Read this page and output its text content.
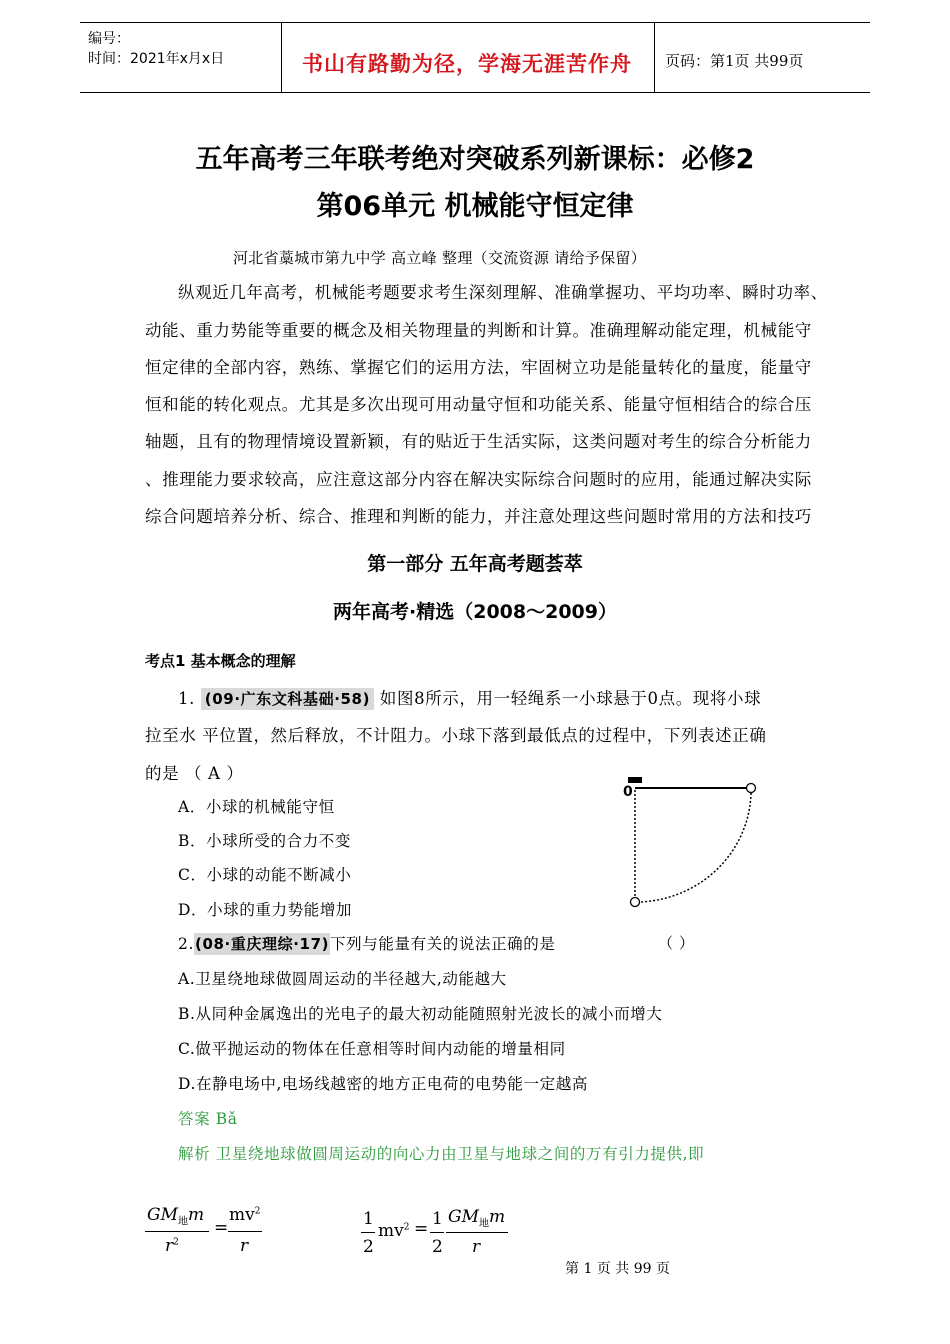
编号：
时间：2021年x月x日	书山有路勤为径，学海无涯苦作舟 页码：第1页 共99页
五年高考三年联考绝对突破系列新课标：必修2
第06单元 机械能守恒定律
河北省藁城市第九中学 高立峰 整理（交流资源 请给予保留）
纵观近几年高考，机械能考题要求考生深刻理解、准确掌握功、平均功率、瞬时功率、
动能、重力势能等重要的概念及相关物理量的判断和计算。准确理解动能定理，机械能守
恒定律的全部内容，熟练、掌握它们的运用方法，牢固树立功是能量转化的量度，能量守
恒和能的转化观点。尤其是多次出现可用动量守恒和功能关系、能量守恒相结合的综合压
轴题，且有的物理情境设置新颖，有的贴近于生活实际，这类问题对考生的综合分析能力
、推理能力要求较高，应注意这部分内容在解决实际综合问题时的应用，能通过解决实际
综合问题培养分析、综合、推理和判断的能力，并注意处理这些问题时常用的方法和技巧
第一部分 五年高考题荟萃
两年高考·精选（2008～2009）
考点1 基本概念的理解
1. (09·广东文科基础·58) 如图8所示，用一轻绳系一小球悬于0点。现将小球
拉至水 平位置，然后释放，不计阻力。小球下落到最低点的过程中，下列表述正确
的是 （ A ）
A．小球的机械能守恒
B．小球所受的合力不变
C．小球的动能不断减小
D．小球的重力势能增加
0
2.(08·重庆理综·17)下列与能量有关的说法正确的是	（ ）
A.卫星绕地球做圆周运动的半径越大,动能越大
B.从同种金属逸出的光电子的最大初动能随照射光波长的减小而增大
C.做平抛运动的物体在任意相等时间内动能的增量相同
D.在静电场中,电场线越密的地方正电荷的电势能一定越高
答案 Bǎ
解析 卫星绕地球做圆周运动的向心力由卫星与地球之间的万有引力提供,即
$GM_地m$
$r^2$
=
$mv^2$
r
1
2
$mv^2 = 1$
2
$GM_地m$
r
第 1 页 共 99 页
